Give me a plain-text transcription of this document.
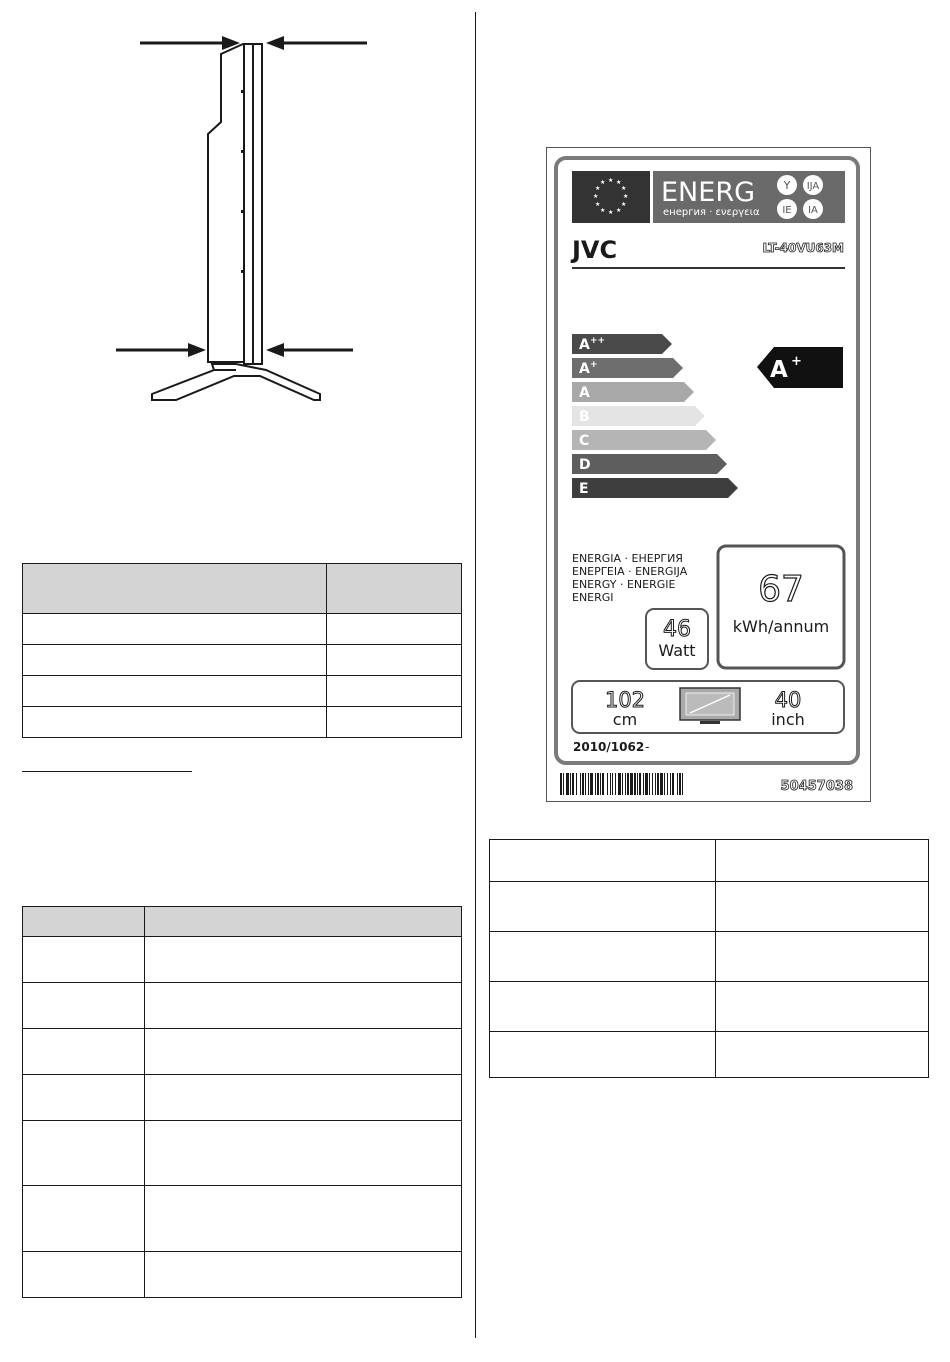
★ ★
★
★
★
★
★
★
★
★
★
★ ENERG
енергия · ενεργεια
Y IJA
IE IA
JVC	LT-40VU63M
A ++
A +
A
B
C
D
E
A +
ENERGIA · ЕНЕРГИЯ
ΕΝΕΡΓΕΙΑ · ENERGIJA
ENERGY · ENERGIE
ENERGI	67
kWh/annum
46
Watt
102
cm
40
inch
2010/1062 -
50457038
